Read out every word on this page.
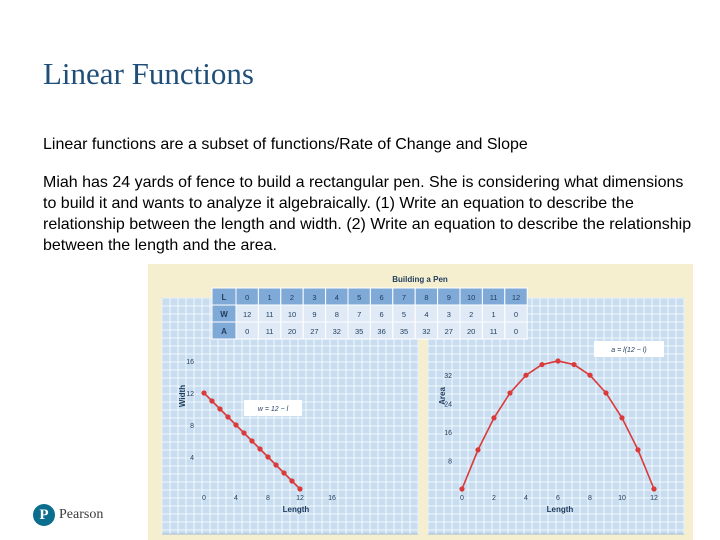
Linear Functions

Linear functions are a subset of functions/Rate of Change and Slope

Miah has 24 yards of fence to build a rectangular pen. She is considering what dimensions to build it and wants to analyze it algebraically. (1) Write an equation to describe the relationship between the length and width. (2) Write an equation to describe the relationship between the length and the area.

Building a Pen
L 0 1 2 3 4 5 6 7 8 9 10 11 12
W 12 11 10 9 8 7 6 5 4 3 2 1 0
A 0 11 20 27 32 35 36 35 32 27 20 11 0
Width
Length
w = 12 − l
0	4	8	12	16
4
8
12
16
Area
Length
a = l(12 − l)
0	2	4	6	8	10	12
8
16
24
32
P Pearson
